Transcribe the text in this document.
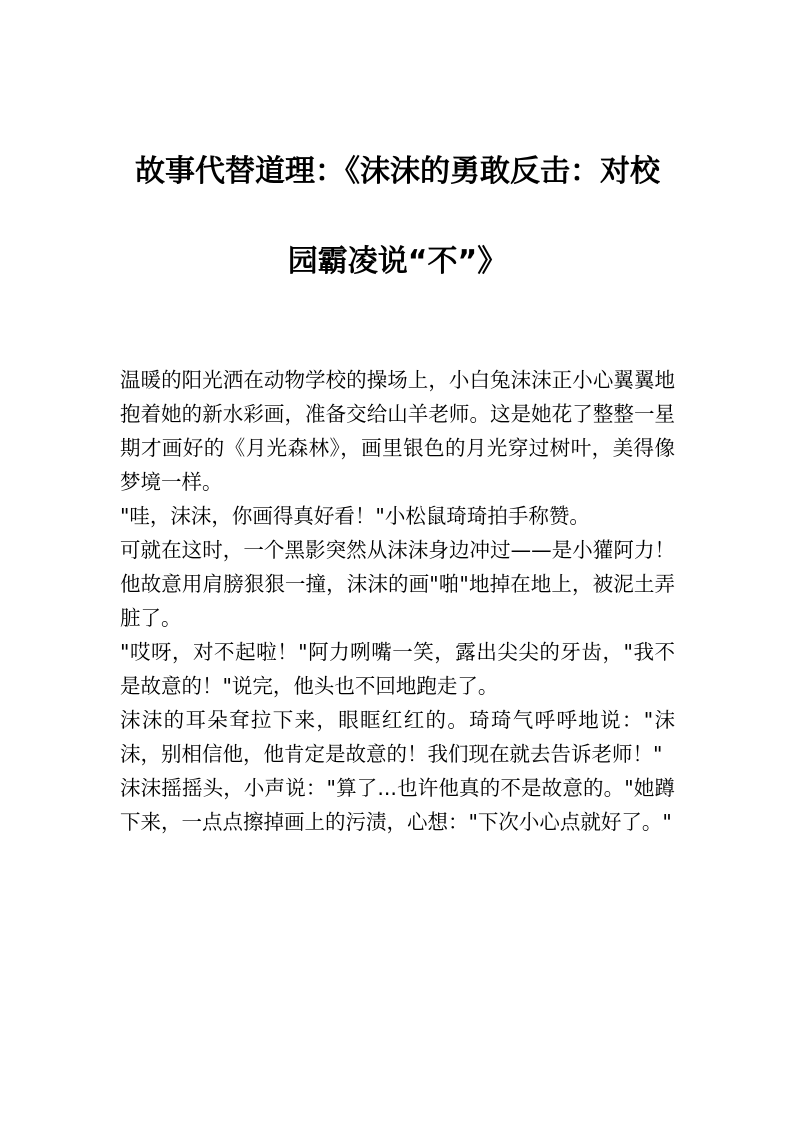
故事代替道理：《沫沫的勇敢反击：对校
园霸凌说“不”》

温暖的阳光洒在动物学校的操场上，小白兔沫沫正小心翼翼地抱着她的新水彩画，准备交给山羊老师。这是她花了整整一星期才画好的《月光森林》，画里银色的月光穿过树叶，美得像梦境一样。

"哇，沫沫，你画得真好看！"小松鼠琦琦拍手称赞。

可就在这时，一个黑影突然从沫沫身边冲过——是小獾阿力！他故意用肩膀狠狠一撞，沫沫的画"啪"地掉在地上，被泥土弄脏了。

"哎呀，对不起啦！"阿力咧嘴一笑，露出尖尖的牙齿，"我不是故意的！"说完，他头也不回地跑走了。

沫沫的耳朵耷拉下来，眼眶红红的。琦琦气呼呼地说："沫沫，别相信他，他肯定是故意的！我们现在就去告诉老师！"

沫沫摇摇头，小声说："算了...也许他真的不是故意的。"她蹲下来，一点点擦掉画上的污渍，心想："下次小心点就好了。"
